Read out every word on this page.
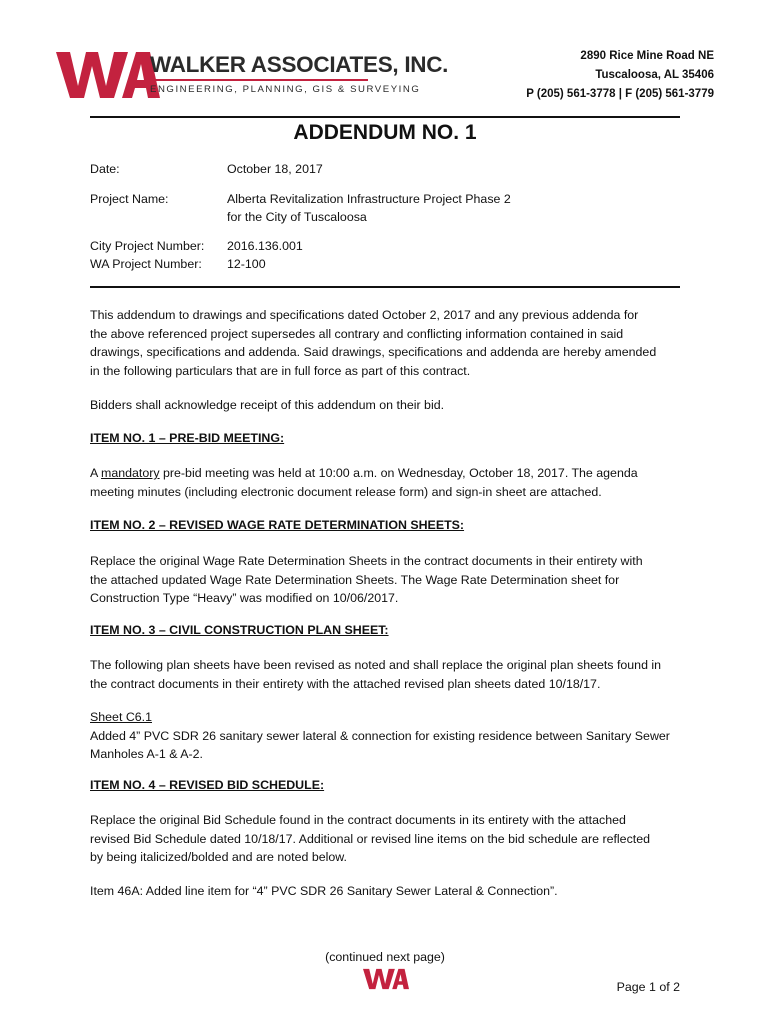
WALKER ASSOCIATES, INC.
ENGINEERING, PLANNING, GIS & SURVEYING
2890 Rice Mine Road NE
Tuscaloosa, AL 35406
P (205) 561-3778 | F (205) 561-3779
ADDENDUM NO. 1
Date:	October 18, 2017
Project Name:	Alberta Revitalization Infrastructure Project Phase 2
for the City of Tuscaloosa
City Project Number: 2016.136.001
WA Project Number: 12-100
This addendum to drawings and specifications dated October 2, 2017 and any previous addenda for
the above referenced project supersedes all contrary and conflicting information contained in said
drawings, specifications and addenda. Said drawings, specifications and addenda are hereby amended
in the following particulars that are in full force as part of this contract.
Bidders shall acknowledge receipt of this addendum on their bid.
ITEM NO. 1 – PRE-BID MEETING:
A mandatory pre-bid meeting was held at 10:00 a.m. on Wednesday, October 18, 2017. The agenda
meeting minutes (including electronic document release form) and sign-in sheet are attached.
ITEM NO. 2 – REVISED WAGE RATE DETERMINATION SHEETS:
Replace the original Wage Rate Determination Sheets in the contract documents in their entirety with
the attached updated Wage Rate Determination Sheets. The Wage Rate Determination sheet for
Construction Type “Heavy” was modified on 10/06/2017.
ITEM NO. 3 – CIVIL CONSTRUCTION PLAN SHEET:
The following plan sheets have been revised as noted and shall replace the original plan sheets found in
the contract documents in their entirety with the attached revised plan sheets dated 10/18/17.
Sheet C6.1
Added 4” PVC SDR 26 sanitary sewer lateral & connection for existing residence between Sanitary Sewer
Manholes A-1 & A-2.
ITEM NO. 4 – REVISED BID SCHEDULE:
Replace the original Bid Schedule found in the contract documents in its entirety with the attached
revised Bid Schedule dated 10/18/17. Additional or revised line items on the bid schedule are reflected
by being italicized/bolded and are noted below.
Item 46A: Added line item for “4” PVC SDR 26 Sanitary Sewer Lateral & Connection”.
(continued next page)
Page 1 of 2
